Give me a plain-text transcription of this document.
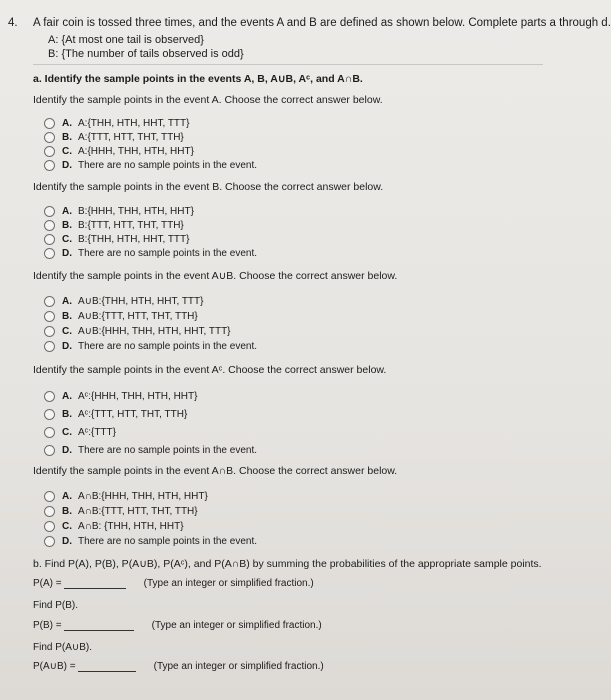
4. A fair coin is tossed three times, and the events A and B are defined as shown below. Complete parts a through d.
A: {At most one tail is observed}
B: {The number of tails observed is odd}
a. Identify the sample points in the events A, B, A∪B, Aᶜ, and A∩B.
Identify the sample points in the event A. Choose the correct answer below.
A. A:{THH, HTH, HHT, TTT}
B. A:{TTT, HTT, THT, TTH}
C. A:{HHH, THH, HTH, HHT}
D. There are no sample points in the event.
Identify the sample points in the event B. Choose the correct answer below.
A. B:{HHH, THH, HTH, HHT}
B. B:{TTT, HTT, THT, TTH}
C. B:{THH, HTH, HHT, TTT}
D. There are no sample points in the event.
Identify the sample points in the event A∪B. Choose the correct answer below.
A. A∪B:{THH, HTH, HHT, TTT}
B. A∪B:{TTT, HTT, THT, TTH}
C. A∪B:{HHH, THH, HTH, HHT, TTT}
D. There are no sample points in the event.
Identify the sample points in the event Aᶜ. Choose the correct answer below.
A. Aᶜ:{HHH, THH, HTH, HHT}
B. Aᶜ:{TTT, HTT, THT, TTH}
C. Aᶜ:{TTT}
D. There are no sample points in the event.
Identify the sample points in the event A∩B. Choose the correct answer below.
A. A∩B:{HHH, THH, HTH, HHT}
B. A∩B:{TTT, HTT, THT, TTH}
C. A∩B: {THH, HTH, HHT}
D. There are no sample points in the event.
b. Find P(A), P(B), P(A∪B), P(Aᶜ), and P(A∩B) by summing the probabilities of the appropriate sample points.
P(A) =	(Type an integer or simplified fraction.)
Find P(B).
P(B) =	(Type an integer or simplified fraction.)
Find P(A∪B).
P(A∪B) =	(Type an integer or simplified fraction.)
